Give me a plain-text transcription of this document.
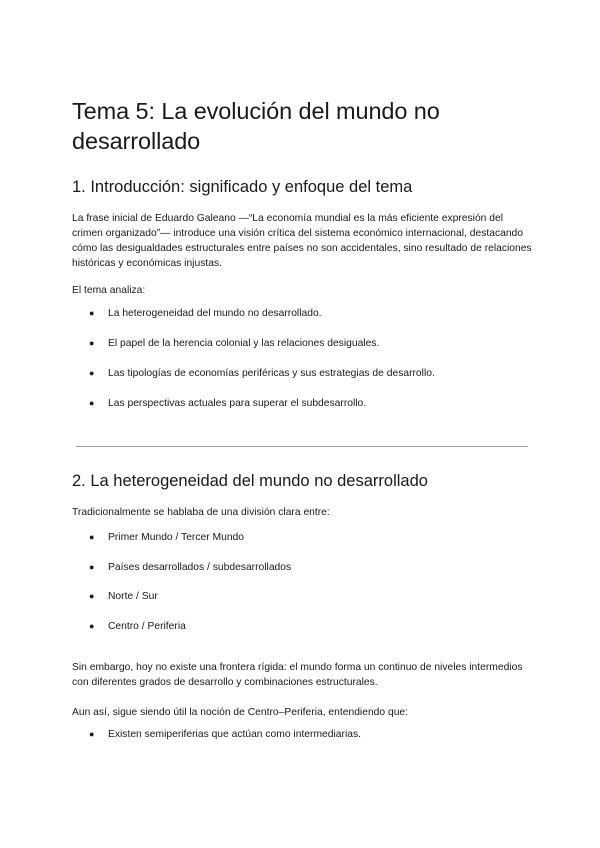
Tema 5: La evolución del mundo no desarrollado
1. Introducción: significado y enfoque del tema

La frase inicial de Eduardo Galeano —“La economía mundial es la más eficiente expresión del crimen organizado”— introduce una visión crítica del sistema económico internacional, destacando cómo las desigualdades estructurales entre países no son accidentales, sino resultado de relaciones históricas y económicas injustas.

El tema analiza:

● La heterogeneidad del mundo no desarrollado.
● El papel de la herencia colonial y las relaciones desiguales.
● Las tipologías de economías periféricas y sus estrategias de desarrollo.
● Las perspectivas actuales para superar el subdesarrollo.
2. La heterogeneidad del mundo no desarrollado

Tradicionalmente se hablaba de una división clara entre:

● Primer Mundo / Tercer Mundo
● Países desarrollados / subdesarrollados
● Norte / Sur
● Centro / Periferia

Sin embargo, hoy no existe una frontera rígida: el mundo forma un continuo de niveles intermedios con diferentes grados de desarrollo y combinaciones estructurales.

Aun así, sigue siendo útil la noción de Centro–Periferia, entendiendo que:

● Existen semiperiferias que actúan como intermediarias.
